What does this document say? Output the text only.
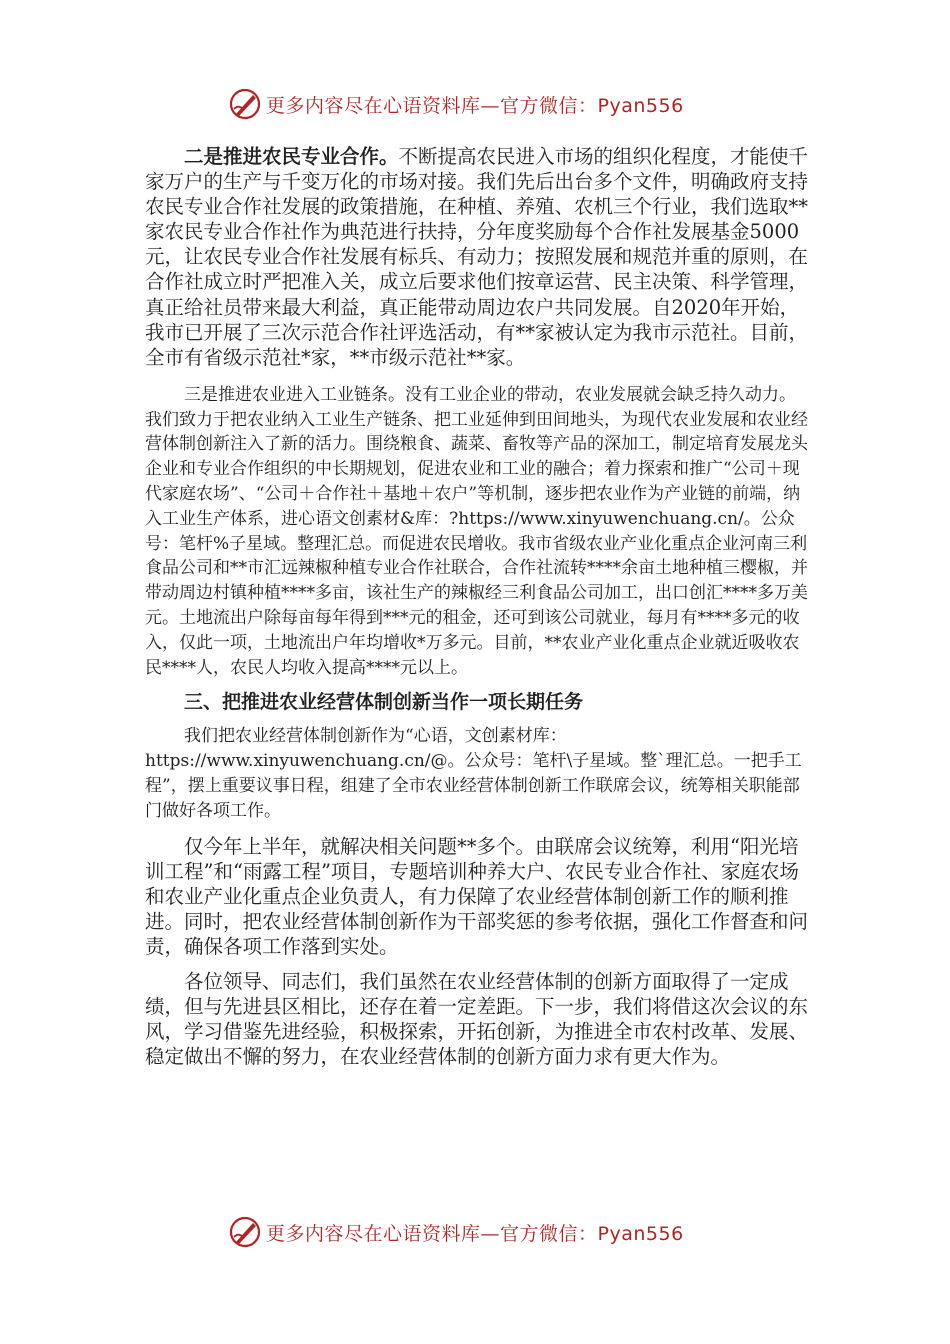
更多内容尽在心语资料库—官方微信：Pyan556

二是推进农民专业合作。不断提高农民进入市场的组织化程度，才能使千家万户的生产与千变万化的市场对接。我们先后出台多个文件，明确政府支持农民专业合作社发展的政策措施，在种植、养殖、农机三个行业，我们选取**家农民专业合作社作为典范进行扶持，分年度奖励每个合作社发展基金5000元，让农民专业合作社发展有标兵、有动力；按照发展和规范并重的原则，在合作社成立时严把准入关，成立后要求他们按章运营、民主决策、科学管理，真正给社员带来最大利益，真正能带动周边农户共同发展。自2020年开始，我市已开展了三次示范合作社评选活动，有**家被认定为我市示范社。目前，全市有省级示范社*家，**市级示范社**家。

三是推进农业进入工业链条。没有工业企业的带动，农业发展就会缺乏持久动力。我们致力于把农业纳入工业生产链条、把工业延伸到田间地头，为现代农业发展和农业经营体制创新注入了新的活力。围绕粮食、蔬菜、畜牧等产品的深加工，制定培育发展龙头企业和专业合作组织的中长期规划，促进农业和工业的融合；着力探索和推广“公司＋现代家庭农场”、“公司＋合作社＋基地＋农户”等机制，逐步把农业作为产业链的前端，纳入工业生产体系，进心语文创素材&库：?https://www.xinyuwenchuang.cn/。公众号：笔杆%子星域。整理汇总。而促进农民增收。我市省级农业产业化重点企业河南三利食品公司和**市汇远辣椒种植专业合作社联合，合作社流转****余亩土地种植三樱椒，并带动周边村镇种植****多亩，该社生产的辣椒经三利食品公司加工，出口创汇****多万美元。土地流出户除每亩每年得到***元的租金，还可到该公司就业，每月有****多元的收入，仅此一项，土地流出户年均增收*万多元。目前，**农业产业化重点企业就近吸收农民****人，农民人均收入提高****元以上。

三、把推进农业经营体制创新当作一项长期任务

我们把农业经营体制创新作为“心语，文创素材库：https://www.xinyuwenchuang.cn/@。公众号：笔杆\子星域。整`理汇总。一把手工程”，摆上重要议事日程，组建了全市农业经营体制创新工作联席会议，统筹相关职能部门做好各项工作。

仅今年上半年，就解决相关问题**多个。由联席会议统筹，利用“阳光培训工程”和“雨露工程”项目，专题培训种养大户、农民专业合作社、家庭农场和农业产业化重点企业负责人，有力保障了农业经营体制创新工作的顺利推进。同时，把农业经营体制创新作为干部奖惩的参考依据，强化工作督查和问责，确保各项工作落到实处。

各位领导、同志们，我们虽然在农业经营体制的创新方面取得了一定成绩，但与先进县区相比，还存在着一定差距。下一步，我们将借这次会议的东风，学习借鉴先进经验，积极探索，开拓创新，为推进全市农村改革、发展、稳定做出不懈的努力，在农业经营体制的创新方面力求有更大作为。

更多内容尽在心语资料库—官方微信：Pyan556
